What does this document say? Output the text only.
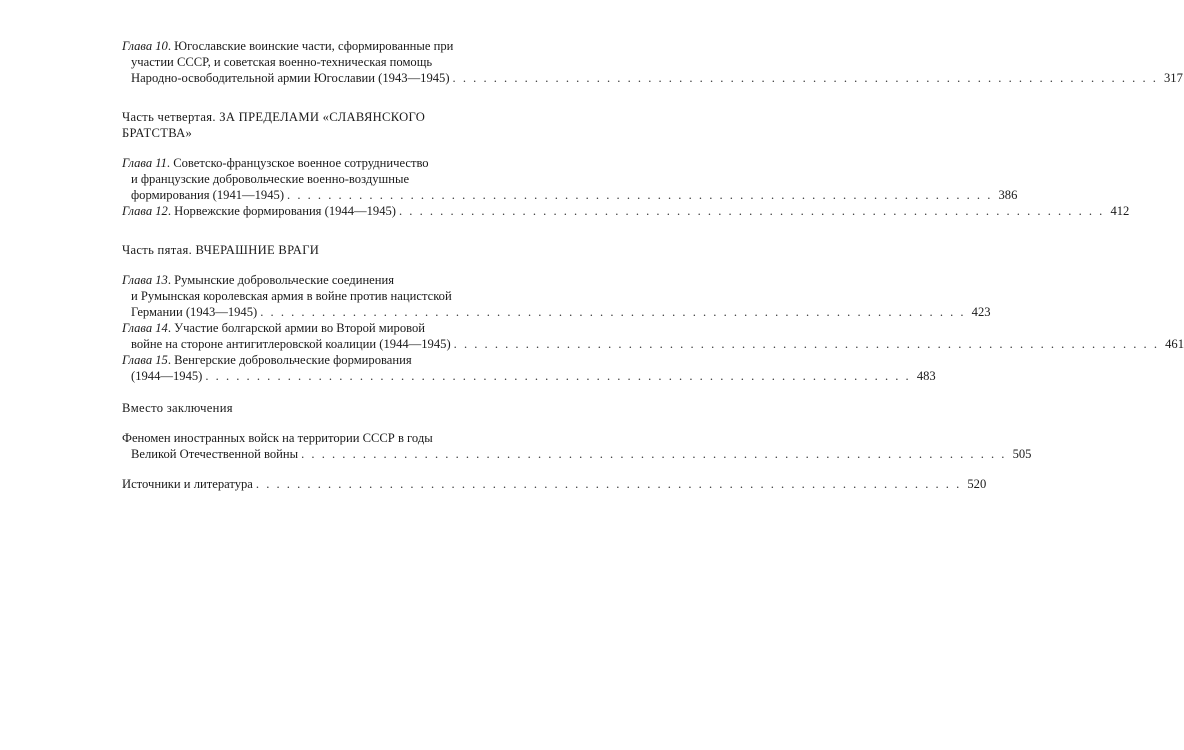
Глава 10. Югославские воинские части, сформированные при
участии СССР, и советская военно-техническая помощь
Народно-освободительной армии Югославии (1943—1945) . . . . . . . . . . . . . . . . . . . . . . . . . . . . . . . . . . . . . . . . . . . . . . . . . . . . . . . . . . . . . . . . . . . . . 317
Часть четвертая. ЗА ПРЕДЕЛАМИ «СЛАВЯНСКОГО
БРАТСТВА»
Глава 11. Советско-французское военное сотрудничество
и французские добровольческие военно-воздушные
формирования (1941—1945) . . . . . . . . . . . . . . . . . . . . . . . . . . . . . . . . . . . . . . . . . . . . . . . . . . . . . . . . . . . . . . . . . . . . . 386
Глава 12. Норвежские формирования (1944—1945) . . . . . . . . . . . . . . . . . . . . . . . . . . . . . . . . . . . . . . . . . . . . . . . . . . . . . . . . . . . . . . . . . . . . . 412
Часть пятая. ВЧЕРАШНИЕ ВРАГИ
Глава 13. Румынские добровольческие соединения
и Румынская королевская армия в войне против нацистской
Германии (1943—1945) . . . . . . . . . . . . . . . . . . . . . . . . . . . . . . . . . . . . . . . . . . . . . . . . . . . . . . . . . . . . . . . . . . . . . 423
Глава 14. Участие болгарской армии во Второй мировой
войне на стороне антигитлеровской коалиции (1944—1945) . . . . . . . . . . . . . . . . . . . . . . . . . . . . . . . . . . . . . . . . . . . . . . . . . . . . . . . . . . . . . . . . . . . . . 461
Глава 15. Венгерские добровольческие формирования
(1944—1945) . . . . . . . . . . . . . . . . . . . . . . . . . . . . . . . . . . . . . . . . . . . . . . . . . . . . . . . . . . . . . . . . . . . . . 483
Вместо заключения
Феномен иностранных войск на территории СССР в годы
Великой Отечественной войны . . . . . . . . . . . . . . . . . . . . . . . . . . . . . . . . . . . . . . . . . . . . . . . . . . . . . . . . . . . . . . . . . . . . . 505
Источники и литература . . . . . . . . . . . . . . . . . . . . . . . . . . . . . . . . . . . . . . . . . . . . . . . . . . . . . . . . . . . . . . . . . . . . . 520
